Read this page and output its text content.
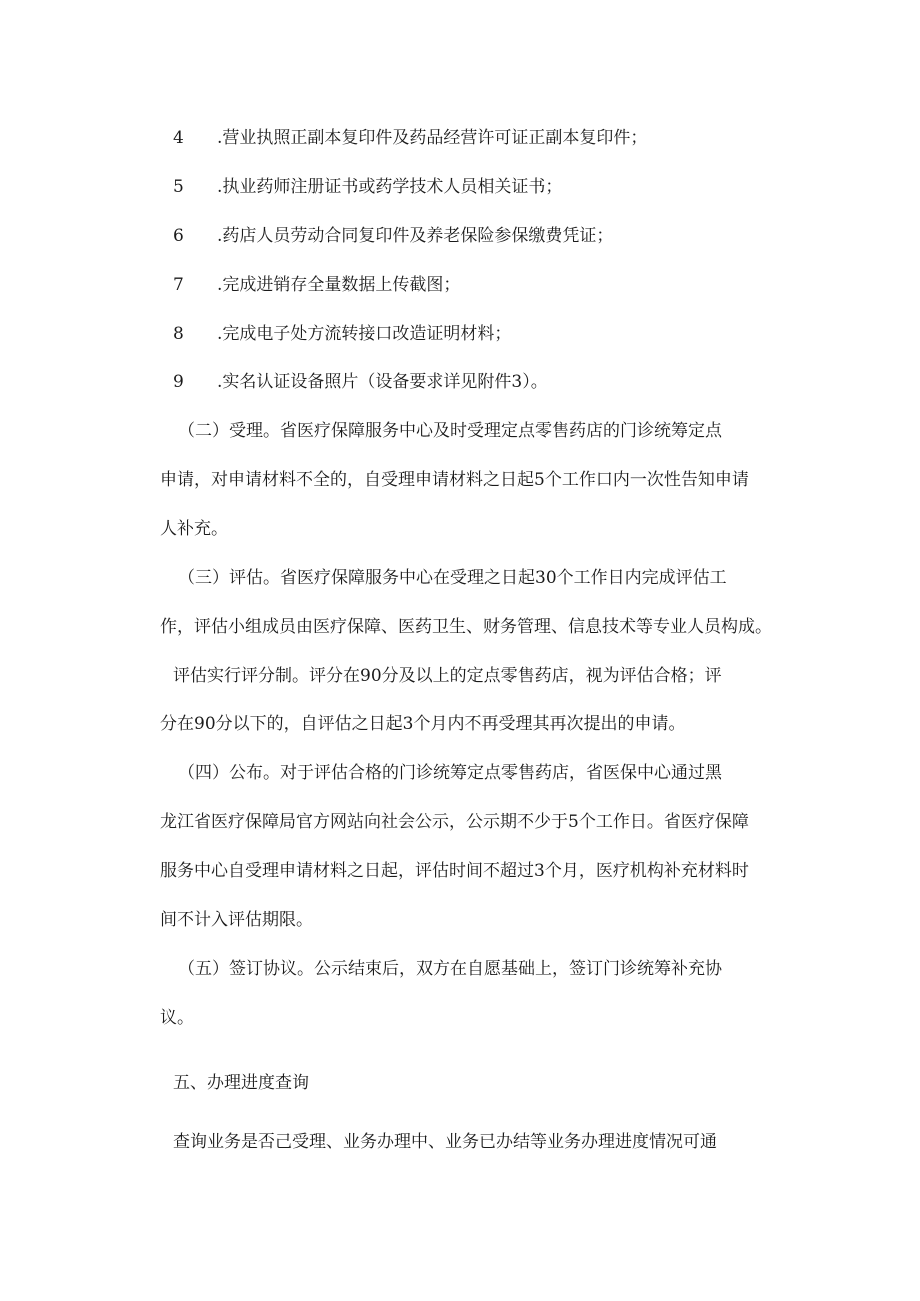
4	.营业执照正副本复印件及药品经营许可证正副本复印件；
5	.执业药师注册证书或药学技术人员相关证书；
6	.药店人员劳动合同复印件及养老保险参保缴费凭证；
7	.完成进销存全量数据上传截图；
8	.完成电子处方流转接口改造证明材料；
9	.实名认证设备照片（设备要求详见附件3）。
（二）受理。省医疗保障服务中心及时受理定点零售药店的门诊统筹定点
申请，对申请材料不全的，自受理申请材料之日起5个工作口内一次性告知申请
人补充。
（三）评估。省医疗保障服务中心在受理之日起30个工作日内完成评估工
作，评估小组成员由医疗保障、医药卫生、财务管理、信息技术等专业人员构成。
评估实行评分制。评分在90分及以上的定点零售药店，视为评估合格；评
分在90分以下的，自评估之日起3个月内不再受理其再次提出的申请。
（四）公布。对于评估合格的门诊统筹定点零售药店，省医保中心通过黑
龙江省医疗保障局官方网站向社会公示，公示期不少于5个工作日。省医疗保障
服务中心自受理申请材料之日起，评估时间不超过3个月，医疗机构补充材料时
间不计入评估期限。
（五）签订协议。公示结束后，双方在自愿基础上，签订门诊统筹补充协
议。
五、办理进度查询
查询业务是否己受理、业务办理中、业务已办结等业务办理进度情况可通
